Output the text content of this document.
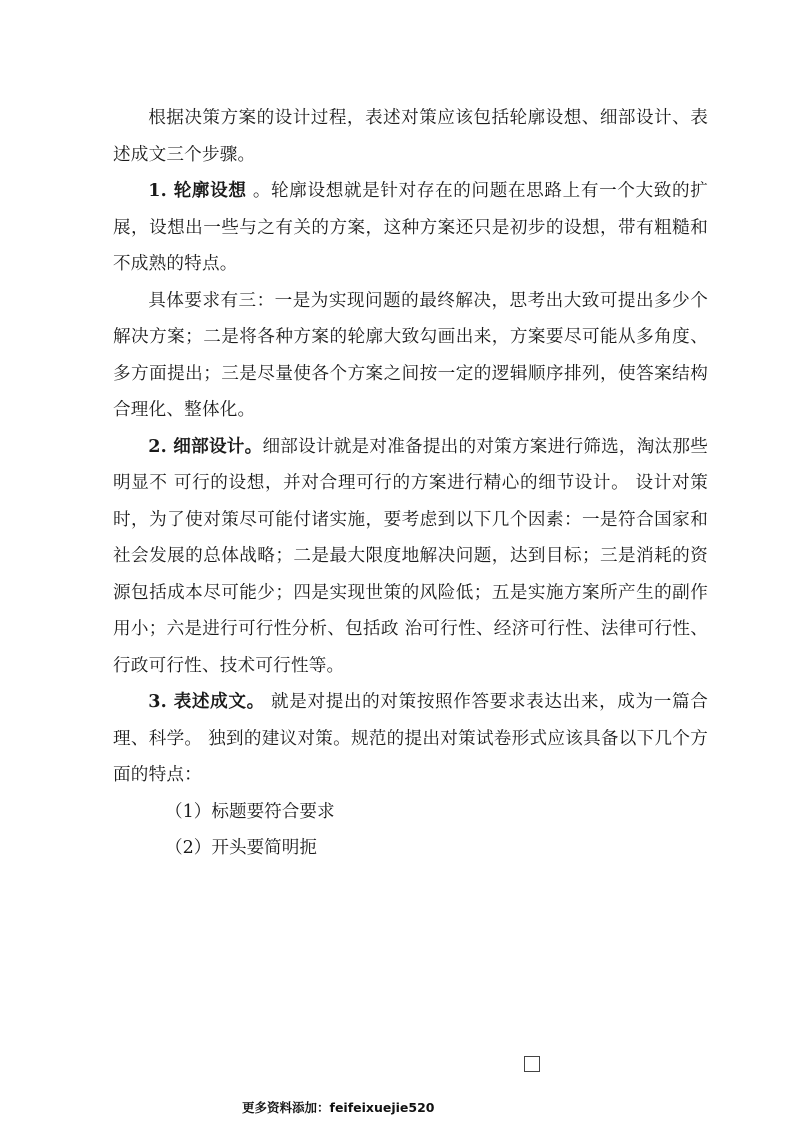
根据决策方案的设计过程，表述对策应该包括轮廓设想、细部设计、表述成文三个步骤。

1. 轮廓设想 。轮廓设想就是针对存在的问题在思路上有一个大致的扩展，设想出一些与之有关的方案，这种方案还只是初步的设想，带有粗糙和不成熟的特点。

具体要求有三：一是为实现问题的最终解决，思考出大致可提出多少个解决方案；二是将各种方案的轮廓大致勾画出来，方案要尽可能从多角度、多方面提出；三是尽量使各个方案之间按一定的逻辑顺序排列，使答案结构合理化、整体化。

2. 细部设计。细部设计就是对准备提出的对策方案进行筛选，淘汰那些明显不 可行的设想，并对合理可行的方案进行精心的细节设计。 设计对策时，为了使对策尽可能付诸实施，要考虑到以下几个因素：一是符合国家和社会发展的总体战略；二是最大限度地解决问题，达到目标；三是消耗的资源包括成本尽可能少；四是实现世策的风险低；五是实施方案所产生的副作用小；六是进行可行性分析、包括政 治可行性、经济可行性、法律可行性、行政可行性、技术可行性等。

3. 表述成文。 就是对提出的对策按照作答要求表达出来，成为一篇合理、科学。 独到的建议对策。规范的提出对策试卷形式应该具备以下几个方面的特点：

（1）标题要符合要求

（2）开头要简明扼

更多资料添加：feifeixuejie520
